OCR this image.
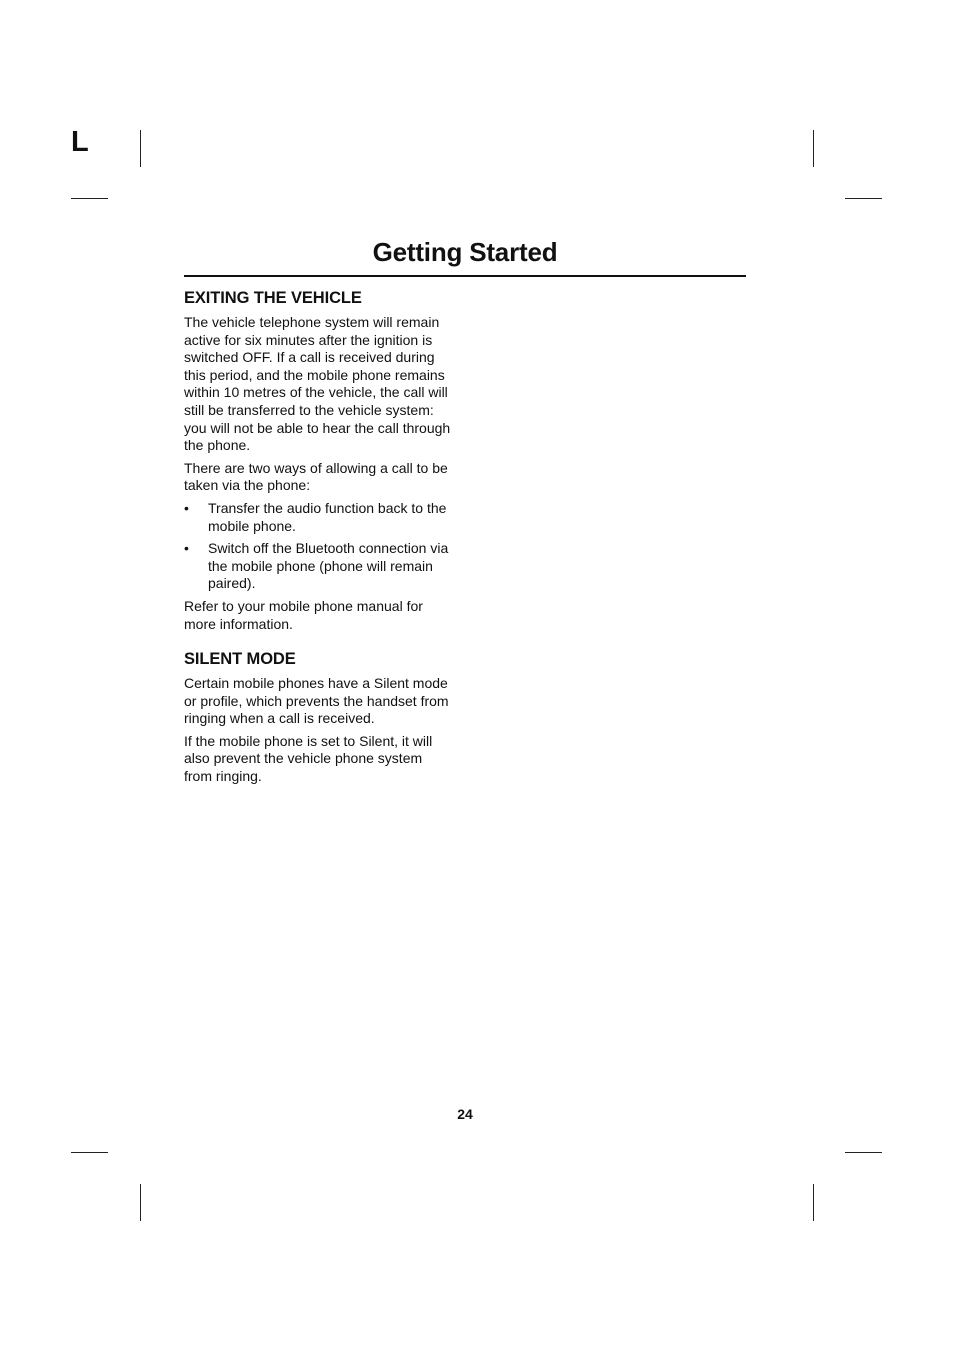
L
Getting Started
EXITING THE VEHICLE

The vehicle telephone system will remain active for six minutes after the ignition is switched OFF. If a call is received during this period, and the mobile phone remains within 10 metres of the vehicle, the call will still be transferred to the vehicle system: you will not be able to hear the call through the phone.

There are two ways of allowing a call to be taken via the phone:

• Transfer the audio function back to the mobile phone.
• Switch off the Bluetooth connection via the mobile phone (phone will remain paired).

Refer to your mobile phone manual for more information.

SILENT MODE

Certain mobile phones have a Silent mode or profile, which prevents the handset from ringing when a call is received.

If the mobile phone is set to Silent, it will also prevent the vehicle phone system from ringing.

24
